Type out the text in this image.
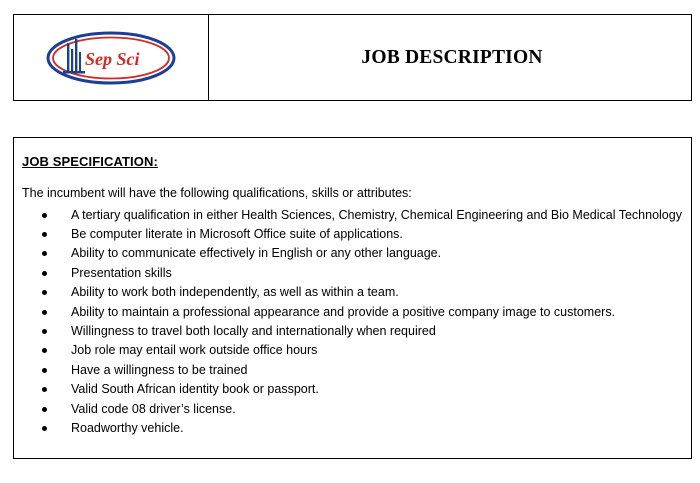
Sep Sci	JOB DESCRIPTION
JOB SPECIFICATION:
The incumbent will have the following qualifications, skills or attributes:
A tertiary qualification in either Health Sciences, Chemistry, Chemical Engineering and Bio Medical Technology
Be computer literate in Microsoft Office suite of applications.
Ability to communicate effectively in English or any other language.
Presentation skills
Ability to work both independently, as well as within a team.
Ability to maintain a professional appearance and provide a positive company image to customers.
Willingness to travel both locally and internationally when required
Job role may entail work outside office hours
Have a willingness to be trained
Valid South African identity book or passport.
Valid code 08 driver’s license.
Roadworthy vehicle.
